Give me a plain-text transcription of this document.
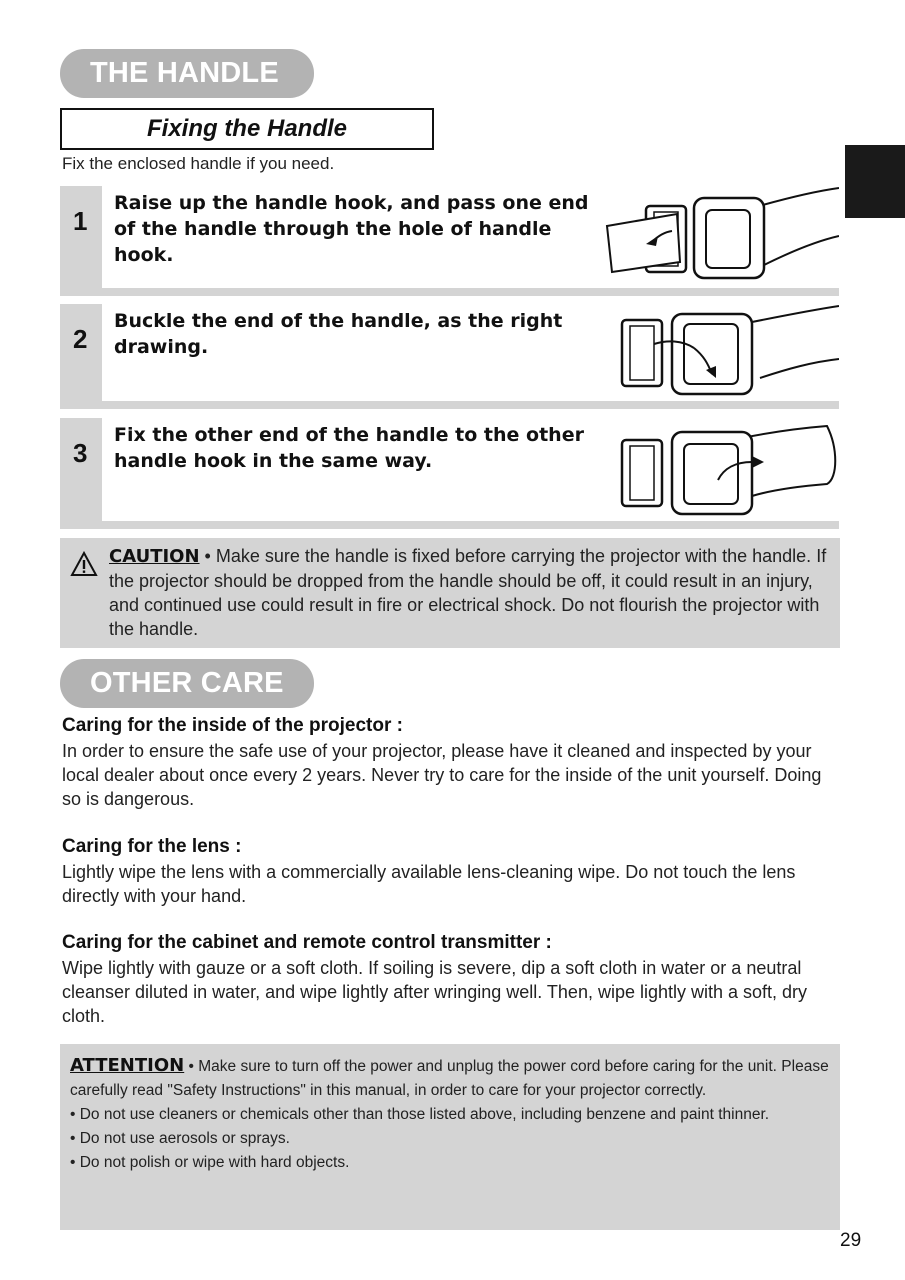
THE HANDLE
Fixing the Handle
Fix the enclosed handle if you need.
1
Raise up the handle hook, and pass one end of the handle through the hole of handle hook.
2
Buckle the end of the handle, as the right drawing.
3
Fix the other end of the handle to the other handle hook in the same way.
CAUTION • Make sure the handle is fixed before carrying the projector with the handle. If the projector should be dropped from the handle should be off, it could result in an injury, and continued use could result in fire or electrical shock. Do not flourish the projector with the handle.
OTHER CARE
Caring for the inside of the projector :
In order to ensure the safe use of your projector, please have it cleaned and inspected by your local dealer about once every 2 years. Never try to care for the inside of the unit yourself. Doing so is dangerous.
Caring for the lens :
Lightly wipe the lens with a commercially available lens-cleaning wipe. Do not touch the lens directly with your hand.
Caring for the cabinet and remote control transmitter :
Wipe lightly with gauze or a soft cloth. If soiling is severe, dip a soft cloth in water or a neutral cleanser diluted in water, and wipe lightly after wringing well. Then, wipe lightly with a soft, dry cloth.
ATTENTION • Make sure to turn off the power and unplug the power cord before caring for the unit. Please carefully read "Safety Instructions" in this manual, in order to care for your projector correctly.
• Do not use cleaners or chemicals other than those listed above, including benzene and paint thinner.
• Do not use aerosols or sprays.
• Do not polish or wipe with hard objects.
29
